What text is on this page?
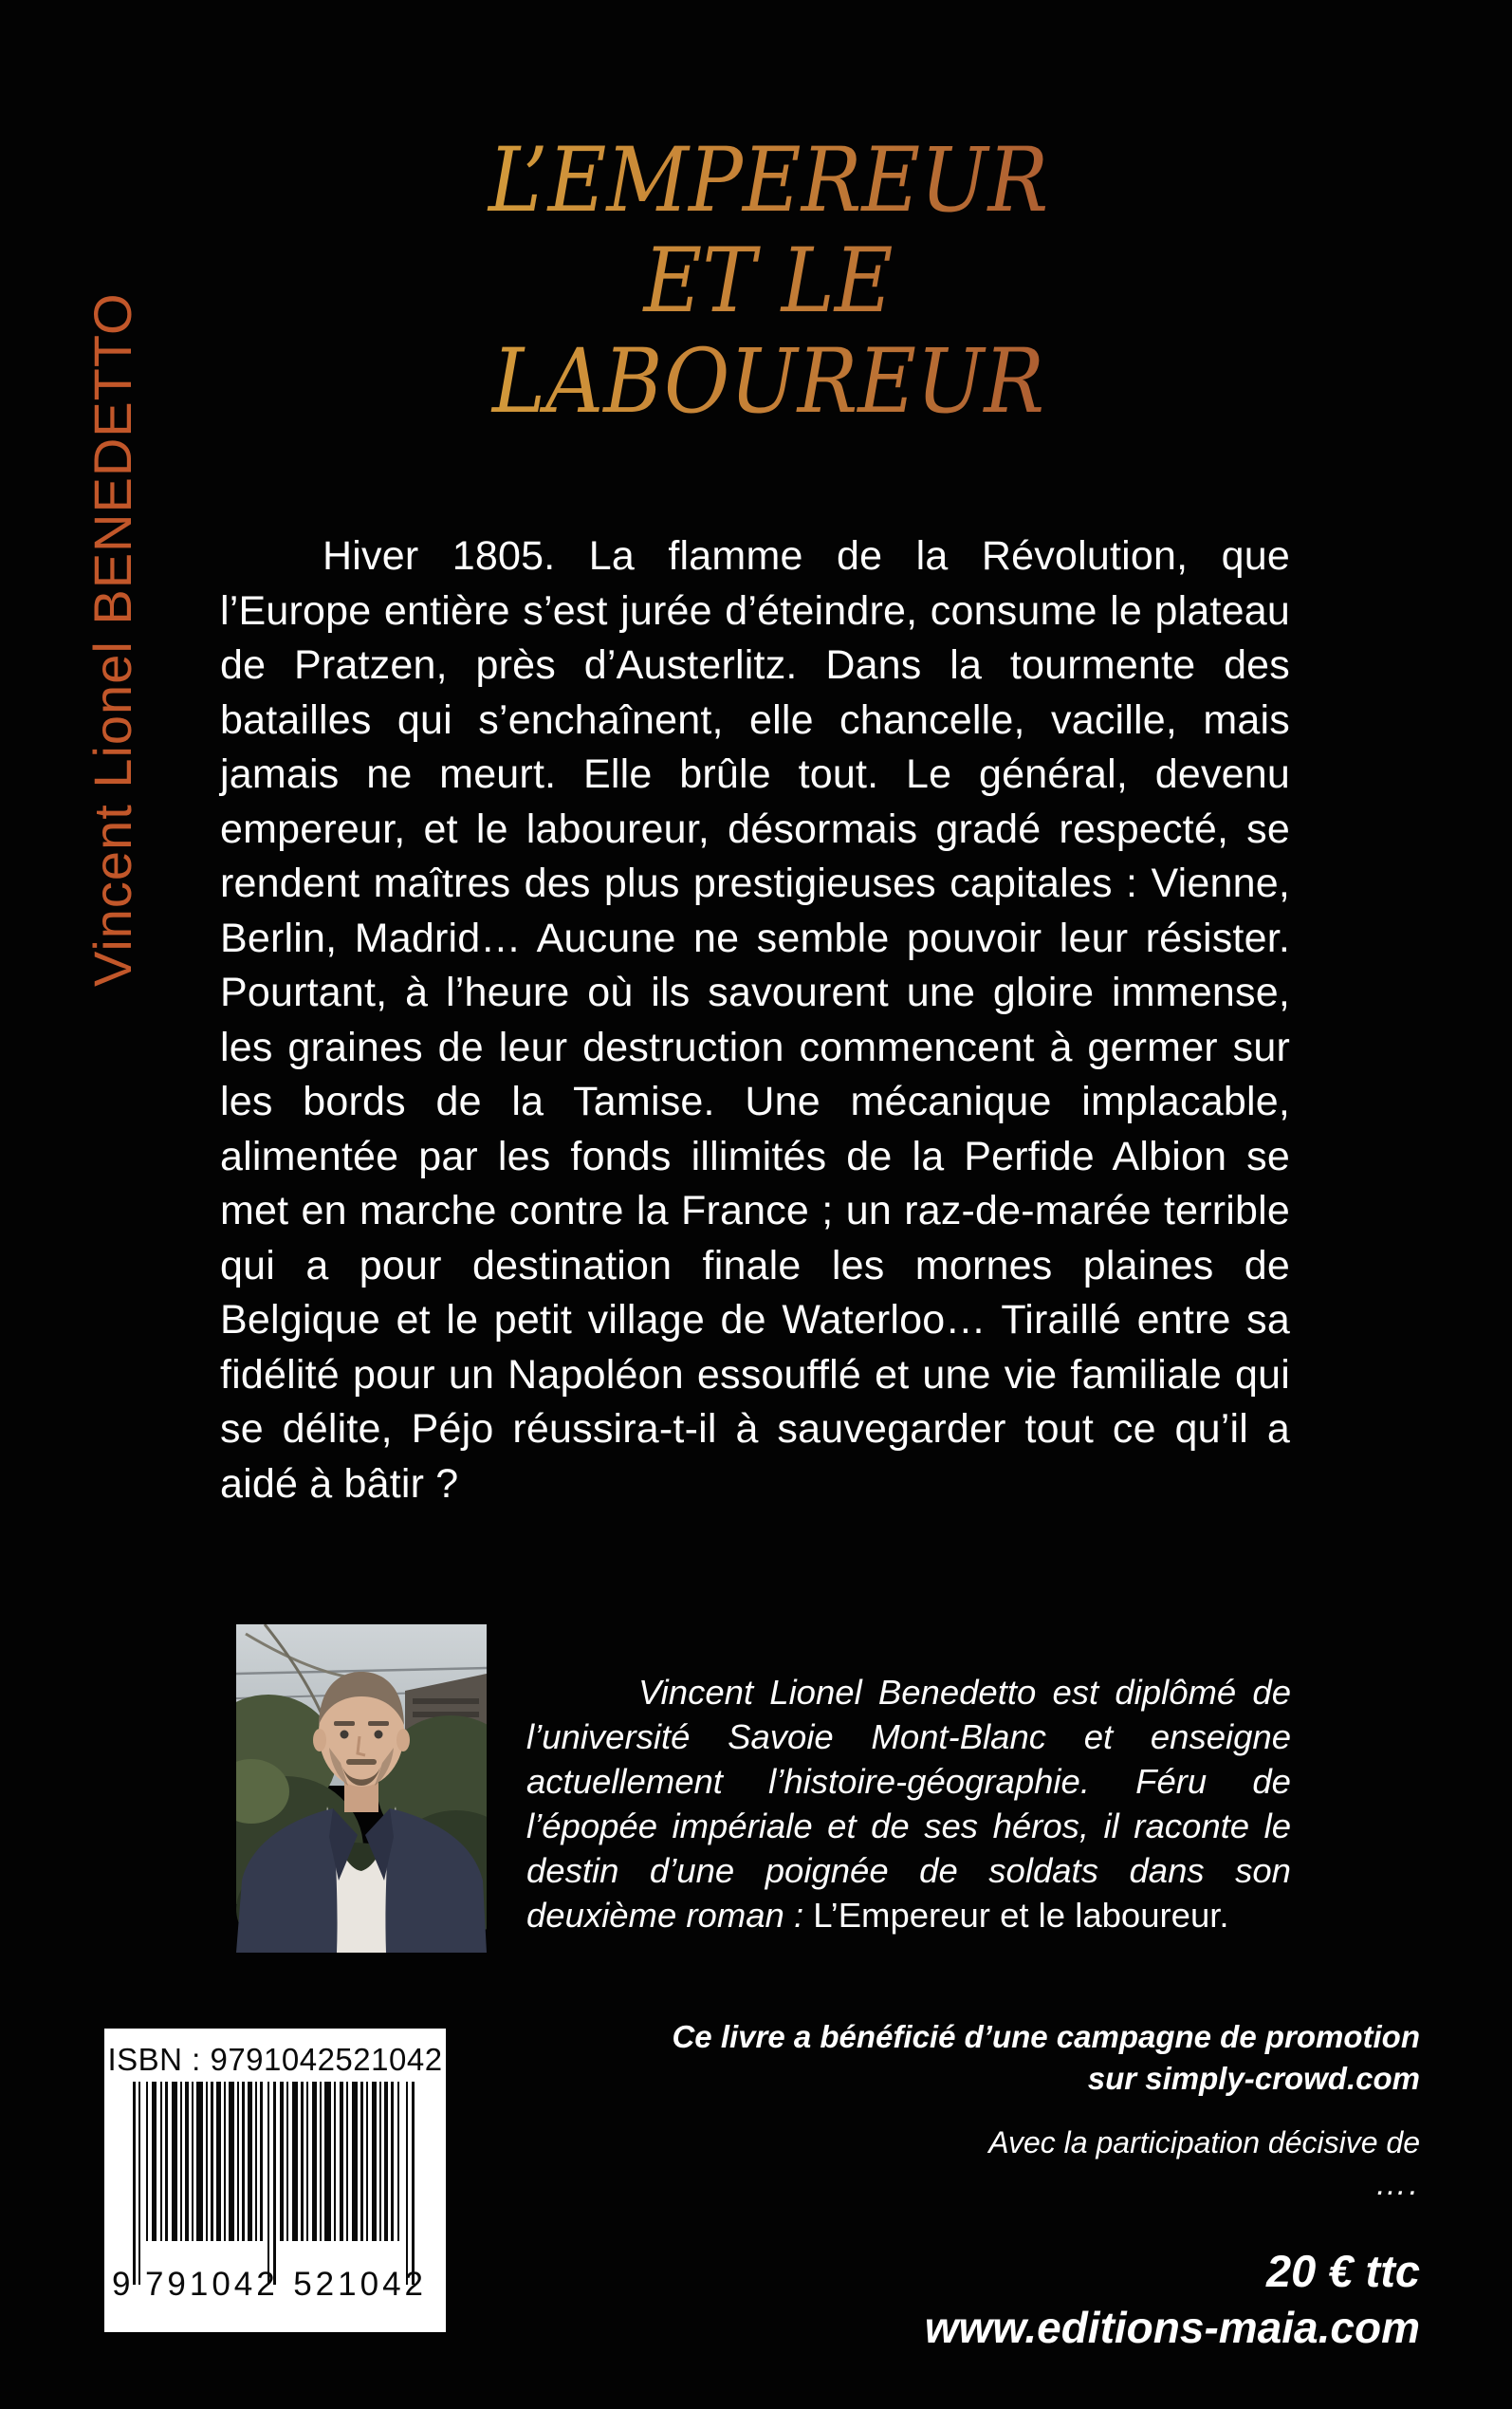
Vincent Lionel BENEDETTO
L’EMPEREUR
ET LE
LABOUREUR
Hiver 1805. La flamme de la Révolution, que l’Europe entière s’est jurée d’éteindre, consume le plateau de Pratzen, près d’Austerlitz. Dans la tourmente des batailles qui s’enchaînent, elle chancelle, vacille, mais jamais ne meurt. Elle brûle tout. Le général, devenu empereur, et le laboureur, désormais gradé respecté, se rendent maîtres des plus prestigieuses capitales : Vienne, Berlin, Madrid… Aucune ne semble pouvoir leur résister. Pourtant, à l’heure où ils savourent une gloire immense, les graines de leur destruction commencent à germer sur les bords de la Tamise. Une mécanique implacable, alimentée par les fonds illimités de la Perfide Albion se met en marche contre la France ; un raz-de-marée terrible qui a pour destination finale les mornes plaines de Belgique et le petit village de Waterloo… Tiraillé entre sa fidélité pour un Napoléon essoufflé et une vie familiale qui se délite, Péjo réussira-t-il à sauvegarder tout ce qu’il a aidé à bâtir ?
Vincent Lionel Benedetto est diplômé de l’université Savoie Mont-Blanc et enseigne actuellement l’histoire-géographie. Féru de l’épopée impériale et de ses héros, il raconte le destin d’une poignée de soldats dans son deuxième roman : L’Empereur et le laboureur.
ISBN : 9791042521042
9 791042 521042
Ce livre a bénéficié d’une campagne de promotion
sur simply-crowd.com
Avec la participation décisive de
….
20 € ttc
www.editions-maia.com
